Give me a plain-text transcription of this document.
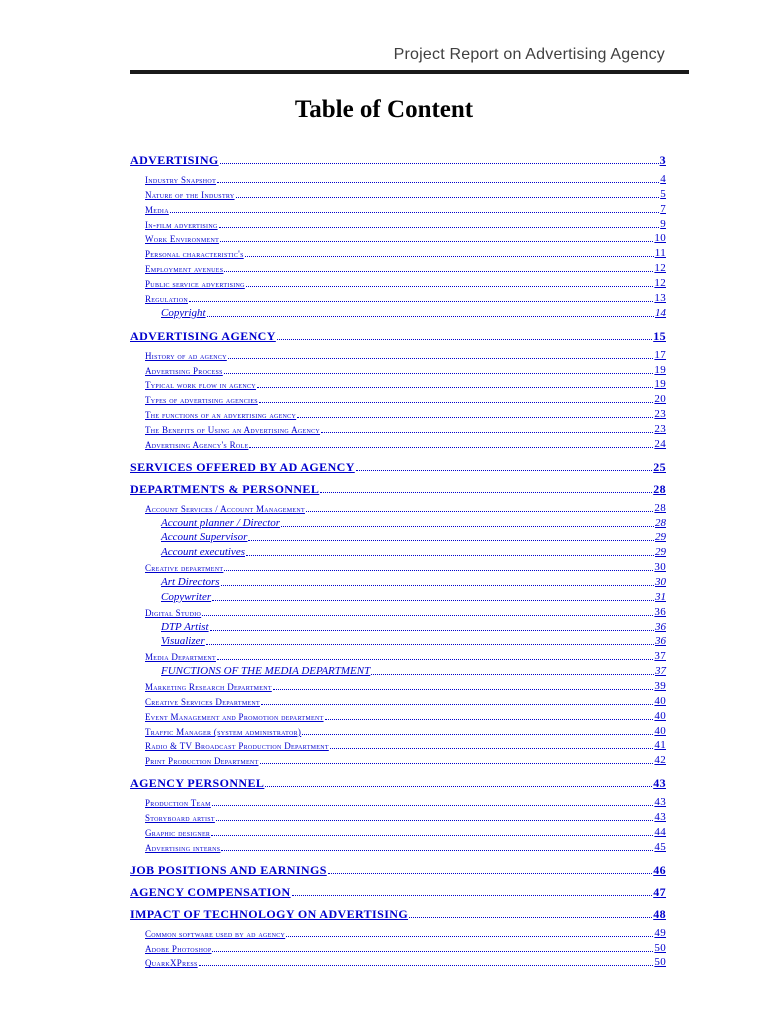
Project Report on Advertising Agency
Table of Content
ADVERTISING	3
Industry Snapshot	4
Nature of the Industry	5
Media	7
In-film advertising	9
Work Environment	10
Personal characteristic's	11
Employment avenues	12
Public service advertising	12
Regulation	13
Copyright	14
ADVERTISING AGENCY	15
History of ad agency	17
Advertising Process	19
Typical work flow in agency	19
Types of advertising agencies	20
The functions of an advertising agency	23
The Benefits of Using an Advertising Agency	23
Advertising Agency's Role	24
SERVICES OFFERED BY AD AGENCY	25
DEPARTMENTS & PERSONNEL	28
Account Services / Account Management	28
Account planner / Director	28
Account Supervisor	29
Account executives	29
Creative department	30
Art Directors	30
Copywriter	31
Digital Studio	36
DTP Artist	36
Visualizer	36
Media Department	37
FUNCTIONS OF THE MEDIA DEPARTMENT	37
Marketing Research Department	39
Creative Services Department	40
Event Management and Promotion department	40
Traffic Manager (system administrator)	40
Radio & TV Broadcast Production Department	41
Print Production Department	42
AGENCY PERSONNEL	43
Production Team	43
Storyboard artist	43
Graphic designer	44
Advertising interns	45
JOB POSITIONS AND EARNINGS	46
AGENCY COMPENSATION	47
IMPACT OF TECHNOLOGY ON ADVERTISING	48
Common software used by ad agency	49
Adobe Photoshop	50
QuarkXPress	50
